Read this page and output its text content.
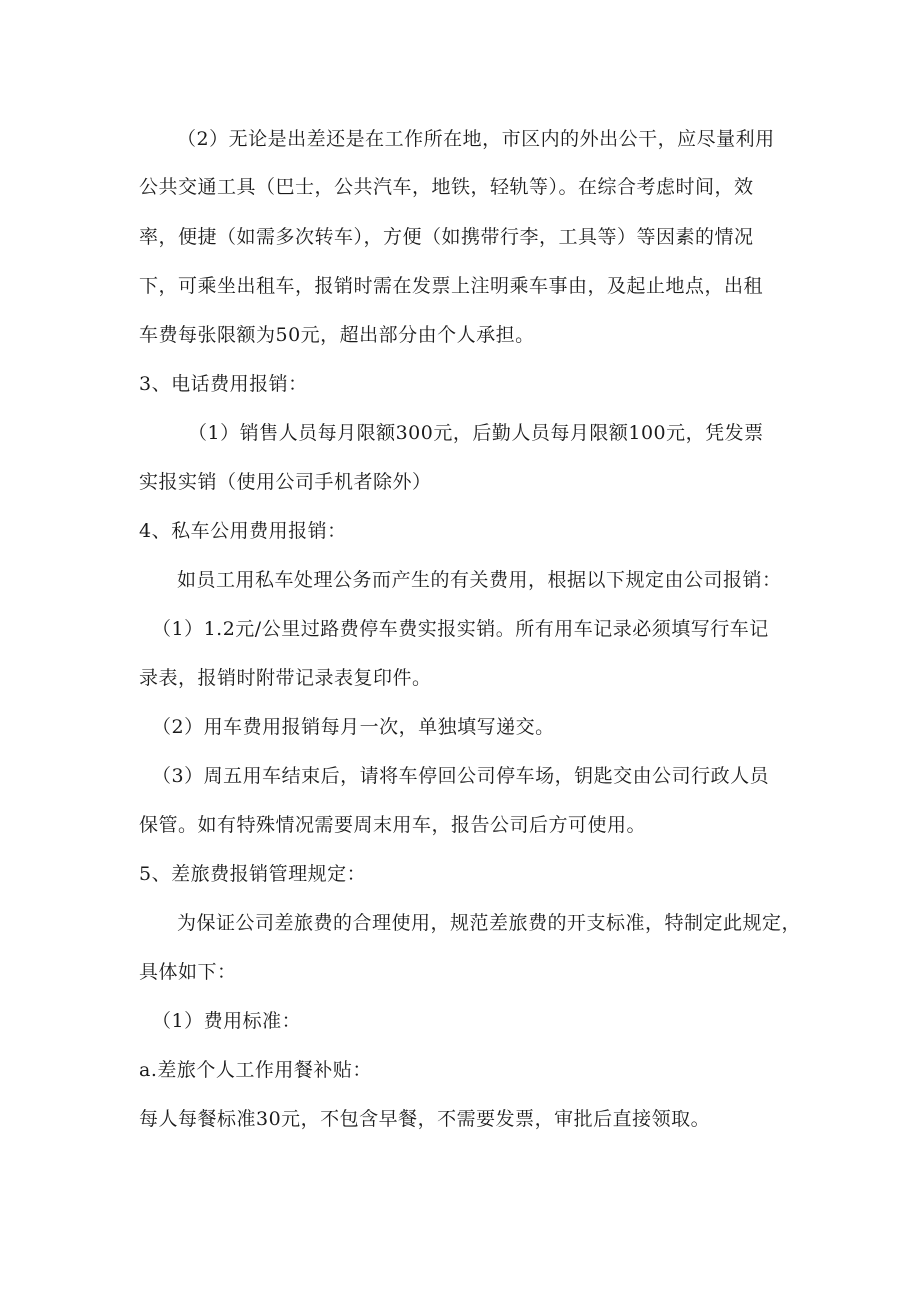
（2）无论是出差还是在工作所在地，市区内的外出公干，应尽量利用
公共交通工具（巴士，公共汽车，地铁，轻轨等）。在综合考虑时间，效
率，便捷（如需多次转车），方便（如携带行李，工具等）等因素的情况
下，可乘坐出租车，报销时需在发票上注明乘车事由，及起止地点，出租
车费每张限额为50元，超出部分由个人承担。
3、电话费用报销：
（1）销售人员每月限额300元，后勤人员每月限额100元，凭发票
实报实销（使用公司手机者除外）
4、私车公用费用报销：
如员工用私车处理公务而产生的有关费用，根据以下规定由公司报销：
（1）1.2元/公里过路费停车费实报实销。所有用车记录必须填写行车记
录表，报销时附带记录表复印件。
（2）用车费用报销每月一次，单独填写递交。
（3）周五用车结束后，请将车停回公司停车场，钥匙交由公司行政人员
保管。如有特殊情况需要周末用车，报告公司后方可使用。
5、差旅费报销管理规定：
为保证公司差旅费的合理使用，规范差旅费的开支标准，特制定此规定，
具体如下：
（1）费用标准：
a.差旅个人工作用餐补贴：
每人每餐标准30元，不包含早餐，不需要发票，审批后直接领取。
